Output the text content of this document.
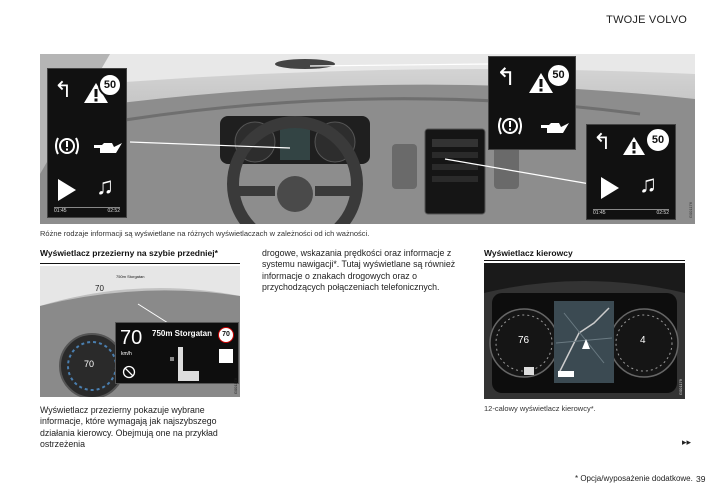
TWOJE VOLVO
↰	50
♫
01:45	02:52
↰	50
↰	50
♫
01:45	02:52	G001176
Różne rodzaje informacji są wyświetlane na różnych wyświetlaczach w zależności od ich ważności.
Wyświetlacz przezierny na szybie przedniej*
750m Storgatan
70
70
70
km/h
750m Storgatan	70
G001178
Wyświetlacz przezierny pokazuje wybrane informacje, które wymagają jak najszybszego działania kierowcy. Obejmują one na przykład ostrzeżenia
drogowe, wskazania prędkości oraz informacje z systemu nawigacji*. Tutaj wyświetlane są również informacje o znakach drogowych oraz o przychodzących połączeniach telefonicznych.
Wyświetlacz kierowcy
76	4
G001179
12-calowy wyświetlacz kierowcy*.
▸▸
* Opcja/wyposażenie dodatkowe. 39
